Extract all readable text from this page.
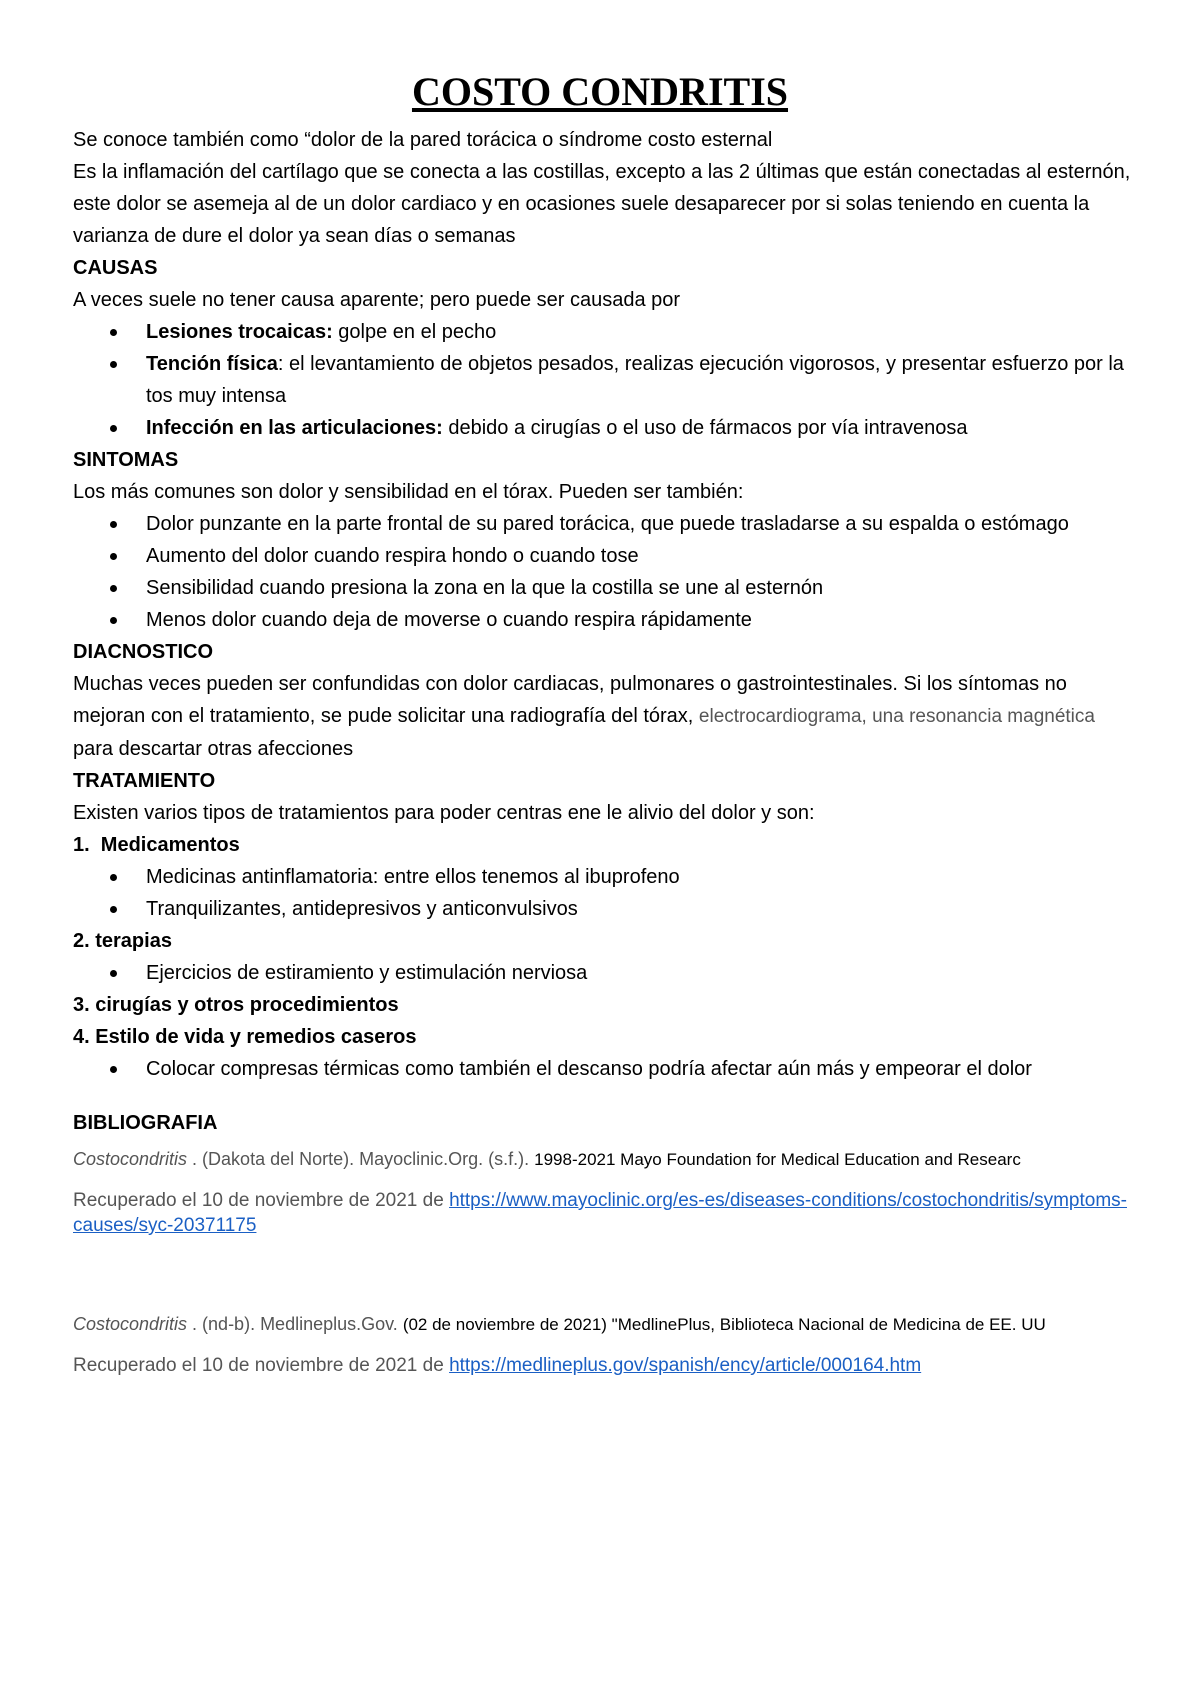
COSTO CONDRITIS

Se conoce también como “dolor de la pared torácica o síndrome costo esternal

Es la inflamación del cartílago que se conecta a las costillas, excepto a las 2 últimas que están conectadas al esternón, este dolor se asemeja al de un dolor cardiaco y en ocasiones suele desaparecer por si solas teniendo en cuenta la varianza de dure el dolor ya sean días o semanas

CAUSAS

A veces suele no tener causa aparente; pero puede ser causada por

Lesiones trocaicas: golpe en el pecho
Tención física: el levantamiento de objetos pesados, realizas ejecución vigorosos, y presentar esfuerzo por la tos muy intensa
Infección en las articulaciones: debido a cirugías o el uso de fármacos por vía intravenosa

SINTOMAS

Los más comunes son dolor y sensibilidad en el tórax. Pueden ser también:

Dolor punzante en la parte frontal de su pared torácica, que puede trasladarse a su espalda o estómago
Aumento del dolor cuando respira hondo o cuando tose
Sensibilidad cuando presiona la zona en la que la costilla se une al esternón
Menos dolor cuando deja de moverse o cuando respira rápidamente

DIACNOSTICO

Muchas veces pueden ser confundidas con dolor cardiacas, pulmonares o gastrointestinales. Si los síntomas no mejoran con el tratamiento, se pude solicitar una radiografía del tórax, electrocardiograma, una resonancia magnética para descartar otras afecciones

TRATAMIENTO

Existen varios tipos de tratamientos para poder centras ene le alivio del dolor y son:

1.  Medicamentos

Medicinas antinflamatoria: entre ellos tenemos al ibuprofeno
Tranquilizantes, antidepresivos y anticonvulsivos

2. terapias

Ejercicios de estiramiento y estimulación nerviosa

3. cirugías y otros procedimientos

4. Estilo de vida y remedios caseros

Colocar compresas térmicas como también el descanso podría afectar aún más y empeorar el dolor

BIBLIOGRAFIA

Costocondritis . (Dakota del Norte). Mayoclinic.Org. (s.f.). 1998-2021 Mayo Foundation for Medical Education and Researc

Recuperado el 10 de noviembre de 2021 de https://www.mayoclinic.org/es-es/diseases-conditions/costochondritis/symptoms-causes/syc-20371175

Costocondritis . (nd-b). Medlineplus.Gov. (02 de noviembre de 2021) "MedlinePlus, Biblioteca Nacional de Medicina de EE. UU

Recuperado el 10 de noviembre de 2021 de https://medlineplus.gov/spanish/ency/article/000164.htm
